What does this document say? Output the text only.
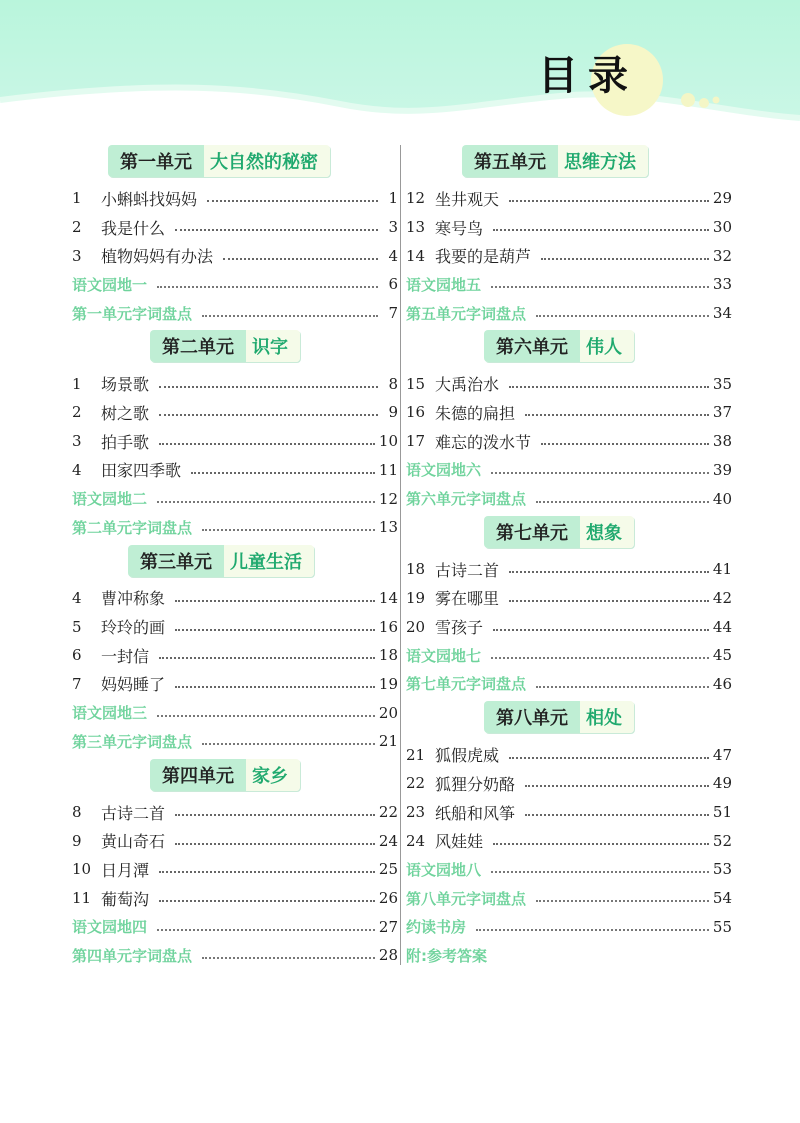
目录
第一单元	大自然的秘密
1	小蝌蚪找妈妈	1
2	我是什么	3
3	植物妈妈有办法	4
语文园地一	6
第一单元字词盘点	7
第二单元	识字
1	场景歌	8
2	树之歌	9
3	拍手歌	10
4	田家四季歌	11
语文园地二	12
第二单元字词盘点	13
第三单元	儿童生活
4	曹冲称象	14
5	玲玲的画	16
6	一封信	18
7	妈妈睡了	19
语文园地三	20
第三单元字词盘点	21
第四单元	家乡
8	古诗二首	22
9	黄山奇石	24
10 日月潭	25
11 葡萄沟	26
语文园地四	27
第四单元字词盘点	28
第五单元	思维方法
12 坐井观天	29
13 寒号鸟	30
14 我要的是葫芦	32
语文园地五	33
第五单元字词盘点	34
第六单元	伟人
15 大禹治水	35
16 朱德的扁担	37
17 难忘的泼水节	38
语文园地六	39
第六单元字词盘点	40
第七单元	想象
18 古诗二首	41
19 雾在哪里	42
20 雪孩子	44
语文园地七	45
第七单元字词盘点	46
第八单元	相处
21 狐假虎威	47
22 狐狸分奶酪	49
23 纸船和风筝	51
24 风娃娃	52
语文园地八	53
第八单元字词盘点	54
约读书房	55
附:参考答案
